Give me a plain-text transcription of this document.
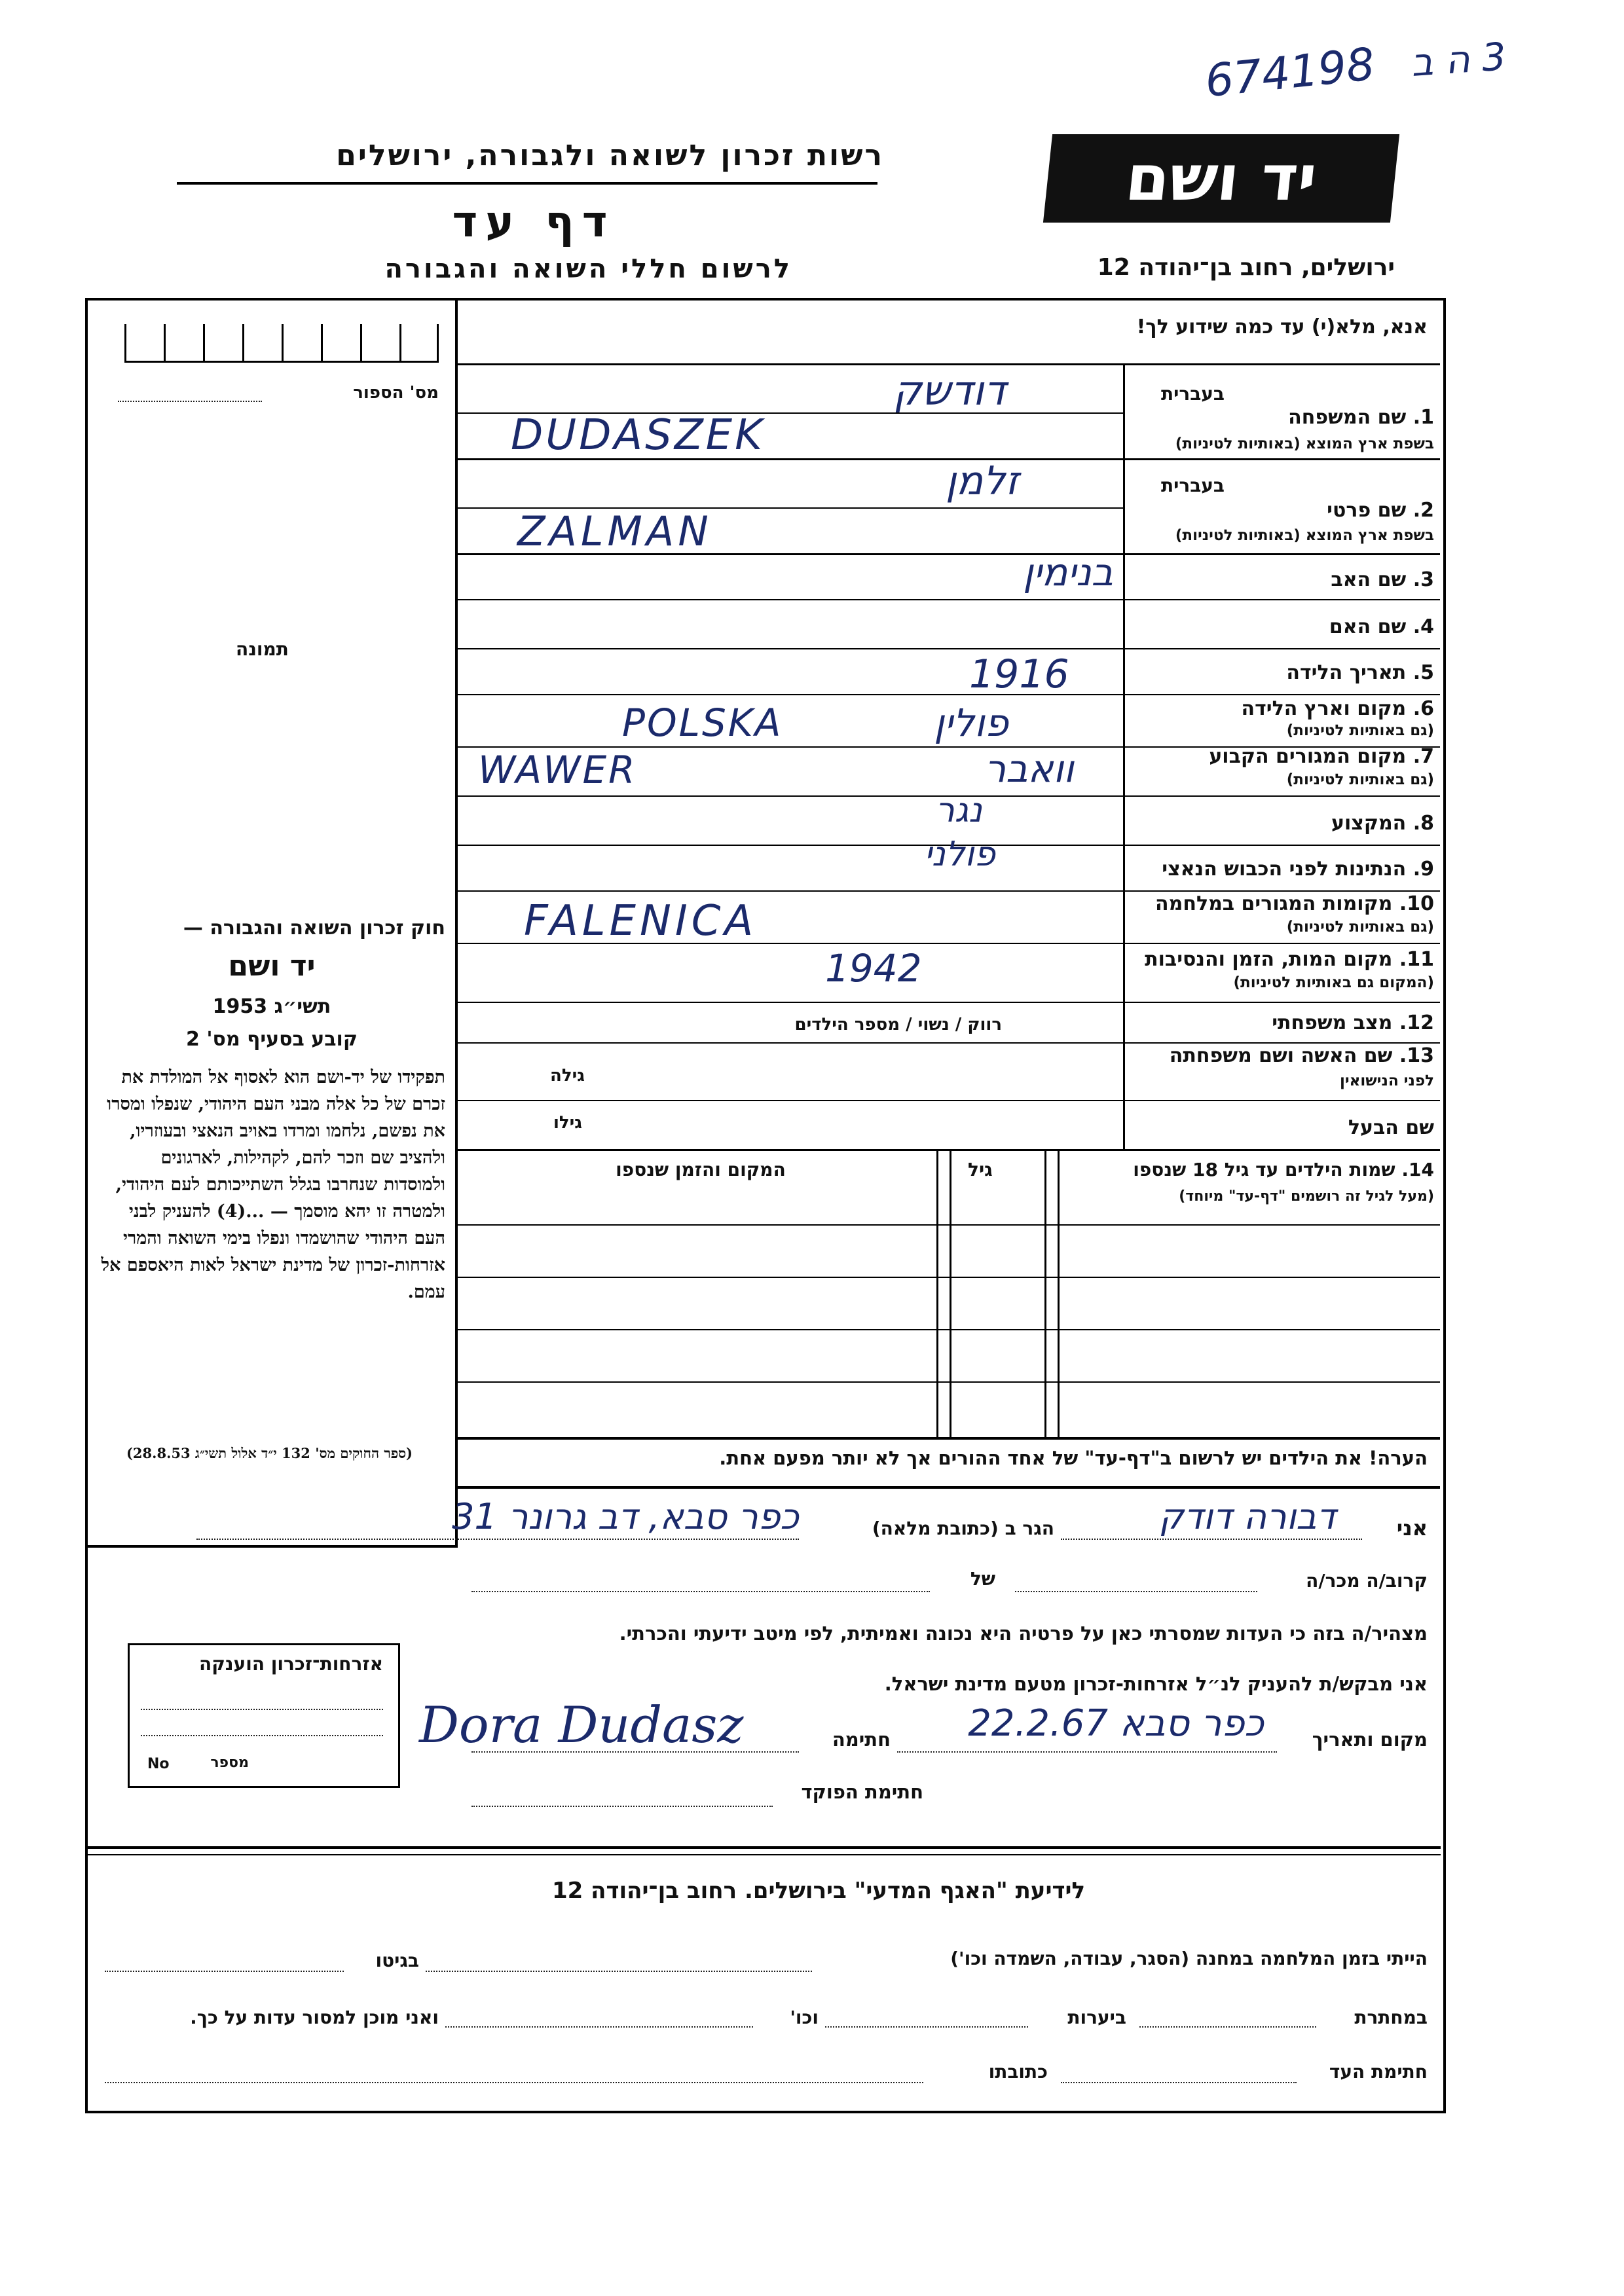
674198 3 ה ב
רשות זכרון לשואה ולגבורה, ירושלים
דף עד
לרשום חללי השואה והגבורה
יד ושם
ירושלים, רחוב בן־יהודה 12
מס' הספור
תמונה
חוק זכרון השואה והגבורה —
יד ושם
תשי״ג 1953
קובע בסעיף מס' 2
תפקידו של יד-ושם הוא לאסוף אל המולדת את זכרם של כל אלה מבני העם היהודי, שנפלו ומסרו את נפשם, נלחמו ומרדו באויב הנאצי ובעוזריו, ולהציב שם וזכר להם, לקהילות, לארגונים ולמוסדות שנחרבו בגלל השתייכותם לעם היהודי, ולמטרה זו יהא מוסמך — ...(4) להעניק לבני העם היהודי שהושמדו ונפלו בימי השואה והמרי אזרחות-זכרון של מדינת ישראל לאות היאספם אל עמם.
(ספר החוקים מס' 132 י״ד אלול תשי״ג 28.8.53)
אזרחות־זכרון הוענקה
מספר
No
אנא, מלא(י) עד כמה שידוע לך!
בעברית
1. שם המשפחה
בשפת ארץ המוצא (באותיות לטיניות)
דודשק
DUDASZEK
בעברית
2. שם פרטי
בשפת ארץ המוצא (באותיות לטיניות)
זלמן
ZALMAN
3. שם האב
בנימין
4. שם האם
5. תאריך הלידה
1916
6. מקום וארץ הלידה
(גם באותיות לטיניות)
POLSKA	פולין
7. מקום המגורים הקבוע
(גם באותיות לטיניות)
WAWER	וואבר
8. המקצוע
נגר
9. הנתינות לפני הכבוש הנאצי
פולני
10. מקומות המגורים במלחמה
(גם באותיות לטיניות)
FALENICA
11. מקום המות, הזמן והנסיבות
(המקום גם באותיות לטיניות)
1942
12. מצב משפחתי
רווק / נשוי / מספר הילדים
13. שם האשה ושם משפחתה
לפני הנישואין
גילה
שם הבעל
גילו
14. שמות הילדים עד גיל 18 שנספו
(מעל לגיל זה רושמים "דף-עד" מיוחד)
גיל
המקום והזמן שנספו
הערה! את הילדים יש לרשום ב"דף-עד" של אחד ההורים אך לא יותר מפעם אחת.
אני
דבורה דודק
הגר ב (כתובת מלאה)
כפר סבא, דב גרונר 31
קרוב/ה מכר/ה
של
מצהיר/ה בזה כי העדות שמסרתי כאן על פרטיה היא נכונה ואמיתית, לפי מיטב ידיעתי והכרתי.
אני מבקש/ת להעניק לנ״ל אזרחות-זכרון מטעם מדינת ישראל.
מקום ותאריך
כפר סבא 22.2.67
חתימה
Dora Dudasz
חתימת הפוקד
לידיעת "האגף המדעי" בירושלים. רחוב בן־יהודה 12
הייתי בזמן המלחמה במחנה (הסגר, עבודה, השמדה וכו')
בגיטו
במחתרת
ביערות
וכו'
ואני מוכן למסור עדות על כך.
חתימת העד
כתובתו
